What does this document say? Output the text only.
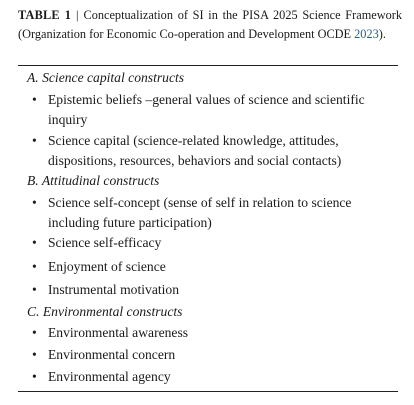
TABLE 1 | Conceptualization of SI in the PISA 2025 Science Framework (Organization for Economic Co-operation and Development OCDE 2023).
A. Science capital constructs
• Epistemic beliefs –general values of science and scientific inquiry
• Science capital (science-related knowledge, attitudes, dispositions, resources, behaviors and social contacts)
B. Attitudinal constructs
• Science self-concept (sense of self in relation to science including future participation)
• Science self-efficacy
• Enjoyment of science
• Instrumental motivation
C. Environmental constructs
• Environmental awareness
• Environmental concern
• Environmental agency
